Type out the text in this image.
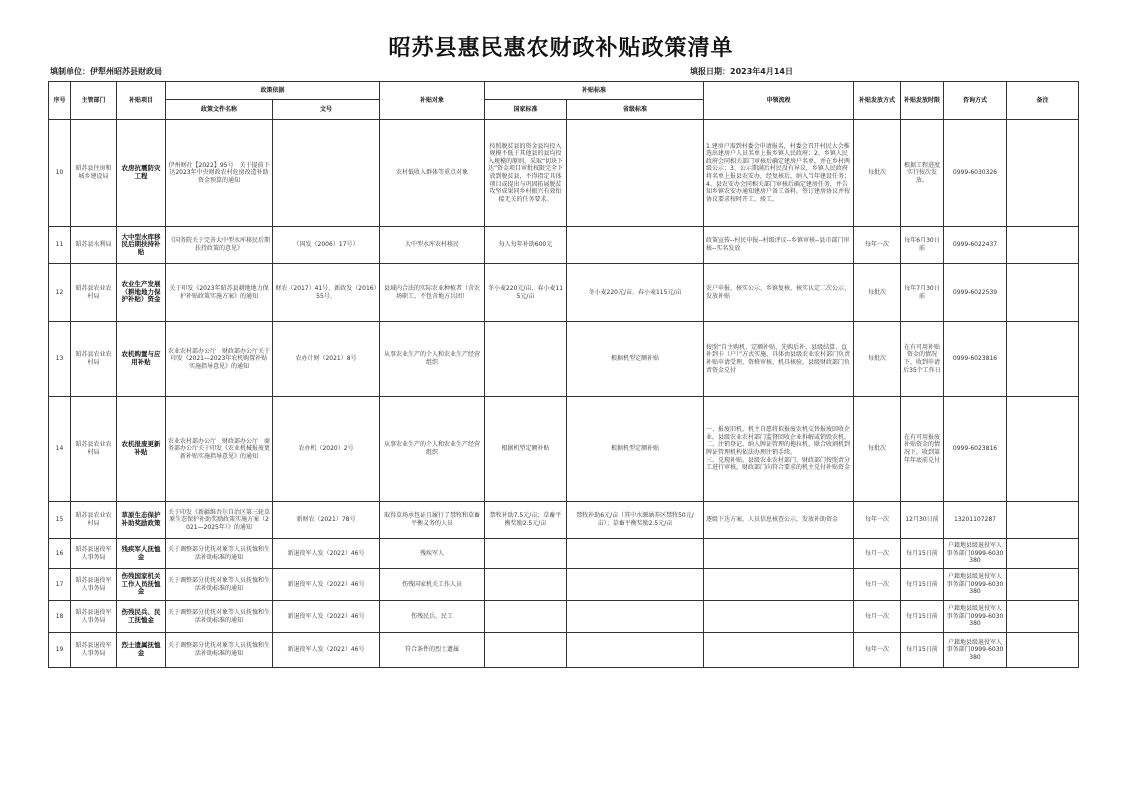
昭苏县惠民惠农财政补贴政策清单
填制单位：伊犁州昭苏县财政局	填报日期：2023年4月14日
序号	主管部门	补贴项目	政策依据		补贴对象	补贴标准		申领流程	补贴发放方式	补贴发放时限	咨询方式	备注
			政策文件名称	文号		国家标准	省级标准					
10	昭苏县住房和城乡建设局	农房抗震防灾工程	伊州财社【2022】95号　关于提前下达2023年中央财政农村危房改造补助资金预算的通知		农村低收入群体等重点对象	按照脱贫县的资金县均投入规模不低于其他县的县均投入规模的原则，采取“切块下达”资金项目审批权限完全下放到脱贫县，不得指定具体项目或提出与巩固拓展脱贫攻坚成果同乡村振兴有效衔接无关的任务要求。		1.建房户需到村委会申请报名，村委会召开村民大会推选出建房户人员名单上报乡镇人民政府；2、乡镇人民政府会同相关部门审核后确定建房户名单，并在乡村两级公示；3、公示期满后村民没有异议，乡镇人民政府将名单上报县农安办，经复核后，纳入当年建设任务；4、县农安办会同相关部门审核后确定建房任务，并告知乡镇农安办通知建房户备工备料，签订建房协议并按协议要求按时开工、竣工。	每批次	根据工程进度实行按次发放。	0999-6030326	
11	昭苏县水利局	大中型水库移民后期扶持补贴	《国务院关于完善大中型水库移民后期扶持政策的意见》	（国发（2006）17号）	大中型水库农村移民	每人每年补助600元		政策宣传--村民申报--村级评议--乡镇审核--县市部门审核--实名发放	每年一次	每年6月30日前	0999-6022437	
12	昭苏县农业农村局	农业生产发展（耕地地力保护补贴）资金	关于印发《2023年昭苏县耕地地力保护补贴政策实施方案》的通知	财农（2017）41号、新政发（2016）55号、	县域内合法的实际农业种植者（含农场职工，不包含地方兵团）	冬小麦220元/亩、春小麦115元/亩	冬小麦220元/亩、春小麦115元/亩	农户申报、核实公示、乡镇复核、核实认定二次公示、发放补贴	每批次	每年7月30日前	0999-6022539	
13	昭苏县农业农村局	农机购置与应用补贴	农业农村部办公厅　财政部办公厅关于印发《2021—2023年农机购置补贴实施指导意见》的通知	农办计财（2021）8号	从事农业生产的个人和农业生产经营组织		根据机型定额补贴	按照“自主购机、定额补贴、先购后补、县级结算、直补到卡（户）”方式实施，具体由县级农业农村部门负责补贴申请受理、资格审核、机具核验，县级财政部门负责资金兑付	每批次	在有可用补贴资金的情况下，收到申请后35个工作日	0999-6023816	
14	昭苏县农业农村局	农机报废更新补贴	农业农村部办公厅　财政部办公厅　商务部办公厅关于印发《农业机械报废更新补贴实施指导意见》的通知	农办机（2020）2号	从事农业生产的个人和农业生产经营组织	根据机型定额补贴	根据机型定额补贴	一、报废旧机。机主自愿将拟报废农机交售报废回收企业，县级农业农村部门监督回收企业拆解或销毁农机。
二、注销登记。纳入牌证管理的拖拉机、联合收割机到牌证管理机构依法办理注销手续。
三、兑现补贴。县级农业农村部门、财政部门按照责分工进行审核，财政部门向符合要求的机主兑付补贴资金	每批次	在有可用报废补贴资金的情况下，收到第年年底前兑付	0999-6023816	
15	昭苏县农业农村局	草原生态保护补助奖励政策	关于印发《新疆维吾尔自治区第三轮草原生态保护补助奖励政策实施方案（2021—2025年）》的通知	新财农（2021）78号	取得草场承包证且履行了禁牧和草畜平衡义务的人员	禁牧补助7.5元/亩；草畜平衡奖励2.5元/亩	禁牧补助6元/亩（其中水源涵养区禁牧50元/亩）；草畜平衡奖励2.5元/亩	逐级下达方案，人员信息核查公示，发放补助资金	每年一次	12月30日前	13201107287	
16	昭苏县退役军人事务局	残疾军人抚恤金	关于调整部分优抚对象等人员抚恤和生活补助标准的通知	新退役军人发（2022）46号	残疾军人				每月一次	每月15日前	户籍地县级退役军人事务部门0999-6030380	
17	昭苏县退役军人事务局	伤残国家机关工作人员抚恤金	关于调整部分优抚对象等人员抚恤和生活补助标准的通知	新退役军人发（2022）46号	伤残国家机关工作人员				每月一次	每月15日前	户籍地县级退役军人事务部门0999-6030380	
18	昭苏县退役军人事务局	伤残民兵、民工抚恤金	关于调整部分优抚对象等人员抚恤和生活补助标准的通知	新退役军人发（2022）46号	伤残民兵、民工				每月一次	每月15日前	户籍地县级退役军人事务部门0999-6030380	
19	昭苏县退役军人事务局	烈士遗属抚恤金	关于调整部分优抚对象等人员抚恤和生活补助标准的通知	新退役军人发（2022）46号	符合条件的烈士遗属				每年一次	每月15日前	户籍地县级退役军人事务部门0999-6030380	
